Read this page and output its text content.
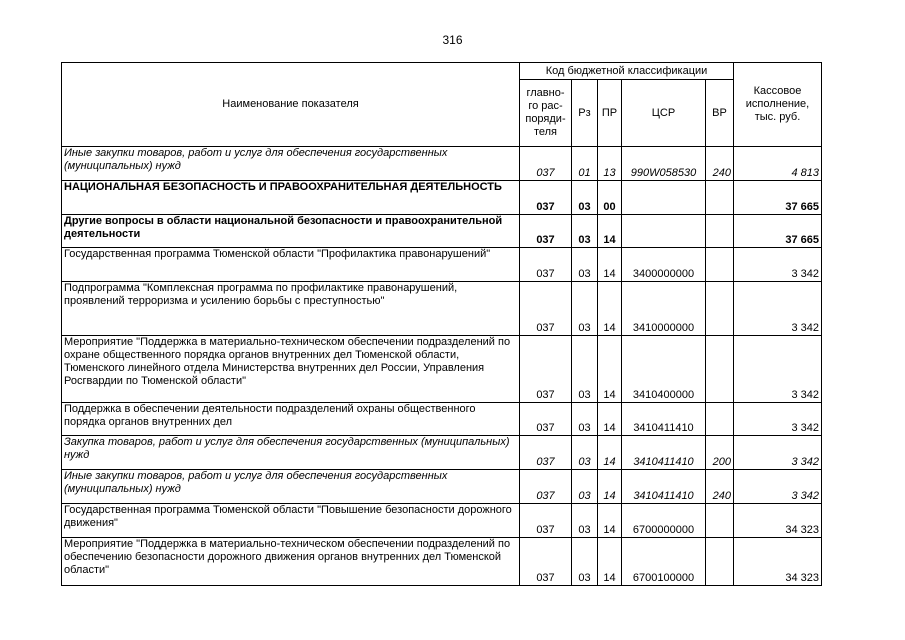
316
Наименование показателя	Код бюджетной классификации					Кассовое исполнение, тыс. руб.
	главно-
го рас-
поряди-
теля	Рз	ПР	ЦСР	ВР	
Иные закупки товаров, работ и услуг для обеспечения государственных (муниципальных) нужд	037	01	13	990W058530	240	4 813
НАЦИОНАЛЬНАЯ БЕЗОПАСНОСТЬ И ПРАВООХРАНИТЕЛЬНАЯ ДЕЯТЕЛЬНОСТЬ	037	03	00			37 665
Другие вопросы в области национальной безопасности и правоохранительной деятельности	037	03	14			37 665
Государственная программа Тюменской области "Профилактика правонарушений"	037	03	14	3400000000		3 342
Подпрограмма "Комплексная программа по профилактике правонарушений, проявлений терроризма и усилению борьбы с преступностью"	037	03	14	3410000000		3 342
Мероприятие "Поддержка в материально-техническом обеспечении подразделений по охране общественного порядка органов внутренних дел Тюменской области, Тюменского линейного отдела Министерства внутренних дел России, Управления Росгвардии по Тюменской области"	037	03	14	3410400000		3 342
Поддержка в обеспечении деятельности подразделений охраны общественного порядка органов внутренних дел	037	03	14	3410411410		3 342
Закупка товаров, работ и услуг для обеспечения государственных (муниципальных) нужд	037	03	14	3410411410	200	3 342
Иные закупки товаров, работ и услуг для обеспечения государственных (муниципальных) нужд	037	03	14	3410411410	240	3 342
Государственная программа Тюменской области "Повышение безопасности дорожного движения"	037	03	14	6700000000		34 323
Мероприятие "Поддержка в материально-техническом обеспечении подразделений по обеспечению безопасности дорожного движения органов внутренних дел Тюменской области"	037	03	14	6700100000		34 323
